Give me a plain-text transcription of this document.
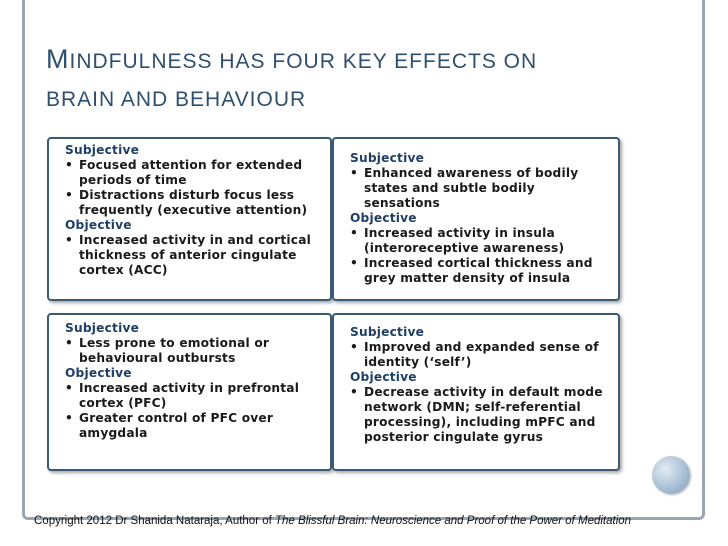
MINDFULNESS HAS FOUR KEY EFFECTS ON
BRAIN AND BEHAVIOUR
Subjective
• Focused attention for extended periods of time
• Distractions disturb focus less frequently (executive attention)
Objective
• Increased activity in and cortical thickness of anterior cingulate cortex (ACC)
Subjective
• Enhanced awareness of bodily states and subtle bodily sensations
Objective
• Increased activity in insula (interoreceptive awareness)
• Increased cortical thickness and grey matter density of insula
Subjective
• Less prone to emotional or behavioural outbursts
Objective
• Increased activity in prefrontal cortex (PFC)
• Greater control of PFC over amygdala
Subjective
• Improved and expanded sense of identity (‘self’)
Objective
• Decrease activity in default mode network (DMN; self-referential processing), including mPFC and posterior cingulate gyrus
Copyright 2012 Dr Shanida Nataraja, Author of The Blissful Brain: Neuroscience and Proof of the Power of Meditation
